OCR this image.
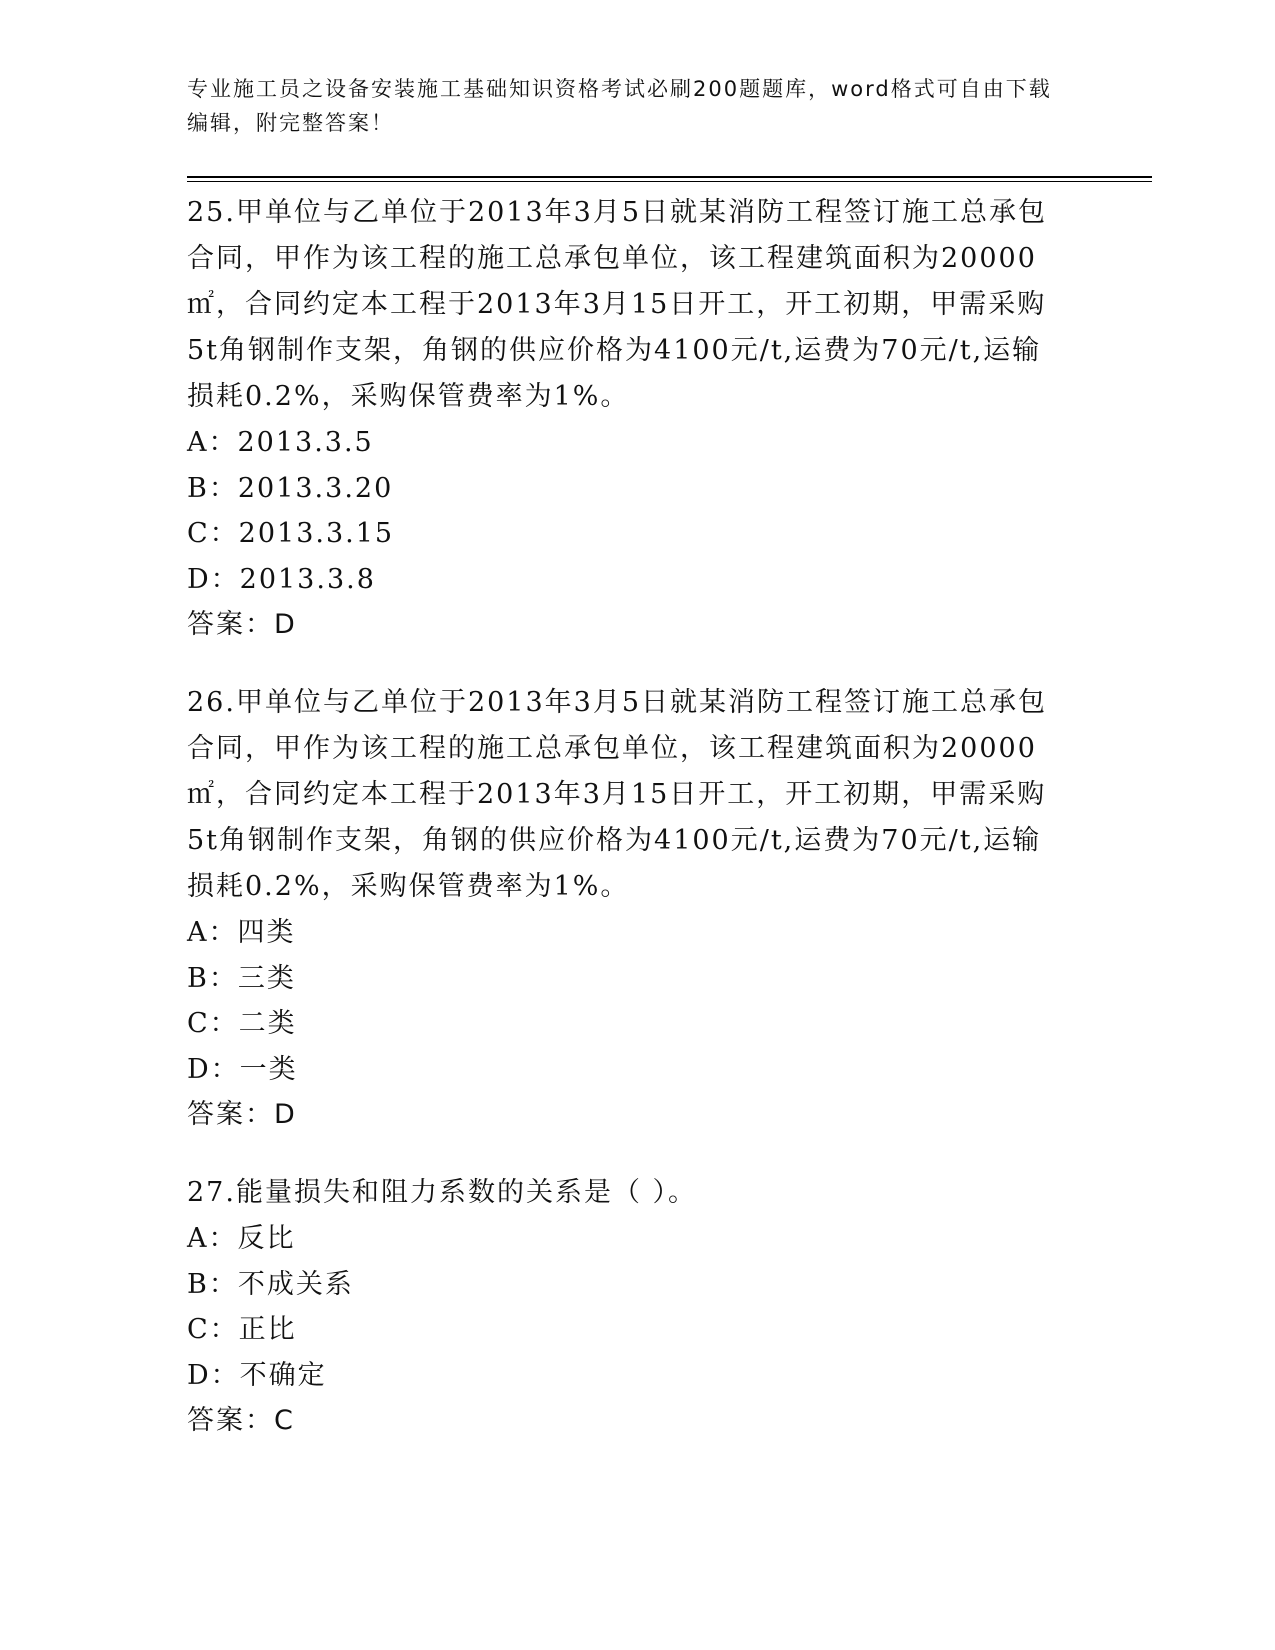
专业施工员之设备安装施工基础知识资格考试必刷200题题库，word格式可自由下载编辑，附完整答案！
25.甲单位与乙单位于2013年3月5日就某消防工程签订施工总承包合同，甲作为该工程的施工总承包单位，该工程建筑面积为20000㎡，合同约定本工程于2013年3月15日开工，开工初期，甲需采购5t角钢制作支架，角钢的供应价格为4100元/t,运费为70元/t,运输损耗0.2%，采购保管费率为1%。
A：2013.3.5
B：2013.3.20
C：2013.3.15
D：2013.3.8
答案：D
26.甲单位与乙单位于2013年3月5日就某消防工程签订施工总承包合同，甲作为该工程的施工总承包单位，该工程建筑面积为20000㎡，合同约定本工程于2013年3月15日开工，开工初期，甲需采购5t角钢制作支架，角钢的供应价格为4100元/t,运费为70元/t,运输损耗0.2%，采购保管费率为1%。
A：四类
B：三类
C：二类
D：一类
答案：D
27.能量损失和阻力系数的关系是（ ）。
A：反比
B：不成关系
C：正比
D：不确定
答案：C
